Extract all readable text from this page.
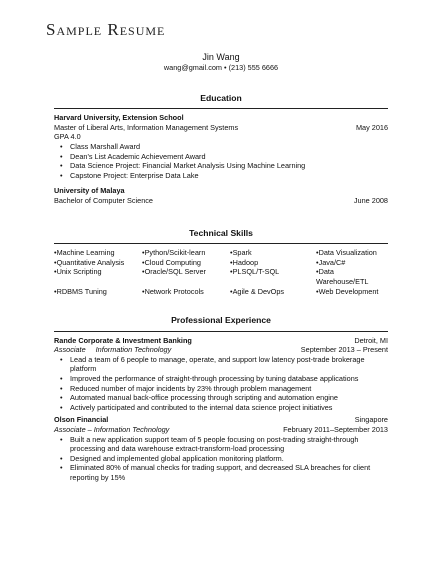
Sample Resume
Jin Wang
wang@gmail.com • (213) 555 6666
Education
Harvard University, Extension School
Master of Liberal Arts, Information Management Systems	May 2016
GPA 4.0
• Class Marshall Award
• Dean's List Academic Achievement Award
• Data Science Project: Financial Market Analysis Using Machine Learning
• Capstone Project: Enterprise Data Lake
University of Malaya
Bachelor of Computer Science	June 2008
Technical Skills
• Machine Learning	• Python/Scikit-learn	• Spark	• Data Visualization
• Quantitative Analysis	• Cloud Computing	• Hadoop	• Java/C#
• Unix Scripting	• Oracle/SQL Server	• PLSQL/T-SQL	• Data Warehouse/ETL
• RDBMS Tuning	• Network Protocols	• Agile & DevOps	• Web Development
Professional Experience
Rande Corporate & Investment Banking	Detroit, MI
Associate Information Technology	September 2013 – Present
• Lead a team of 6 people to manage, operate, and support low latency post-trade brokerage platform
• Improved the performance of straight-through processing by tuning database applications
• Reduced number of major incidents by 23% through problem management
• Automated manual back-office processing through scripting and automation engine
• Actively participated and contributed to the internal data science project initiatives
Olson Financial	Singapore
Associate – Information Technology	February 2011–September 2013
• Built a new application support team of 5 people focusing on post-trading straight-through processing and data warehouse extract-transform-load processing
• Designed and implemented global application monitoring platform.
• Eliminated 80% of manual checks for trading support, and decreased SLA breaches for client reporting by 15%
